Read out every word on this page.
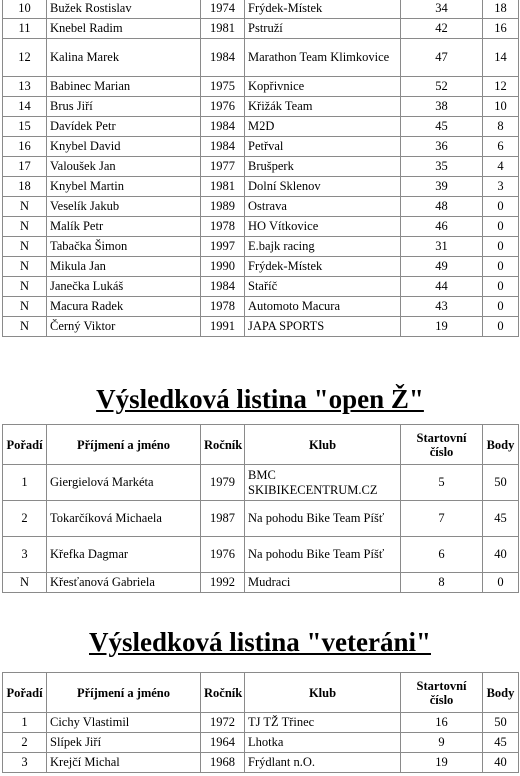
10	Bužek Rostislav	1974	Frýdek-Místek	34	18
11	Knebel Radim	1981	Pstruží	42	16
12	Kalina Marek	1984	Marathon Team Klimkovice	47	14
13	Babinec Marian	1975	Kopřivnice	52	12
14	Brus Jiří	1976	Křižák Team	38	10
15	Davídek Petr	1984	M2D	45	8
16	Knybel David	1984	Petřval	36	6
17	Valoušek Jan	1977	Brušperk	35	4
18	Knybel Martin	1981	Dolní Sklenov	39	3
N	Veselík Jakub	1989	Ostrava	48	0
N	Malík Petr	1978	HO Vítkovice	46	0
N	Tabačka Šimon	1997	E.bajk racing	31	0
N	Mikula Jan	1990	Frýdek-Místek	49	0
N	Janečka Lukáš	1984	Staříč	44	0
N	Macura Radek	1978	Automoto Macura	43	0
N	Černý Viktor	1991	JAPA SPORTS	19	0
Výsledková listina "open Ž"
Pořadí	Příjmení a jméno	Ročník	Klub	Startovní číslo	Body
1	Giergielová Markéta	1979	BMC SKIBIKECENTRUM.CZ	5	50
2	Tokarčíková Michaela	1987	Na pohodu Bike Team Píšť	7	45
3	Křefka Dagmar	1976	Na pohodu Bike Team Píšť	6	40
N	Křesťanová Gabriela	1992	Mudraci	8	0
Výsledková listina "veteráni"
Pořadí	Příjmení a jméno	Ročník	Klub	Startovní číslo	Body
1	Cichy Vlastimil	1972	TJ TŽ Třinec	16	50
2	Slípek Jiří	1964	Lhotka	9	45
3	Krejčí Michal	1968	Frýdlant n.O.	19	40
